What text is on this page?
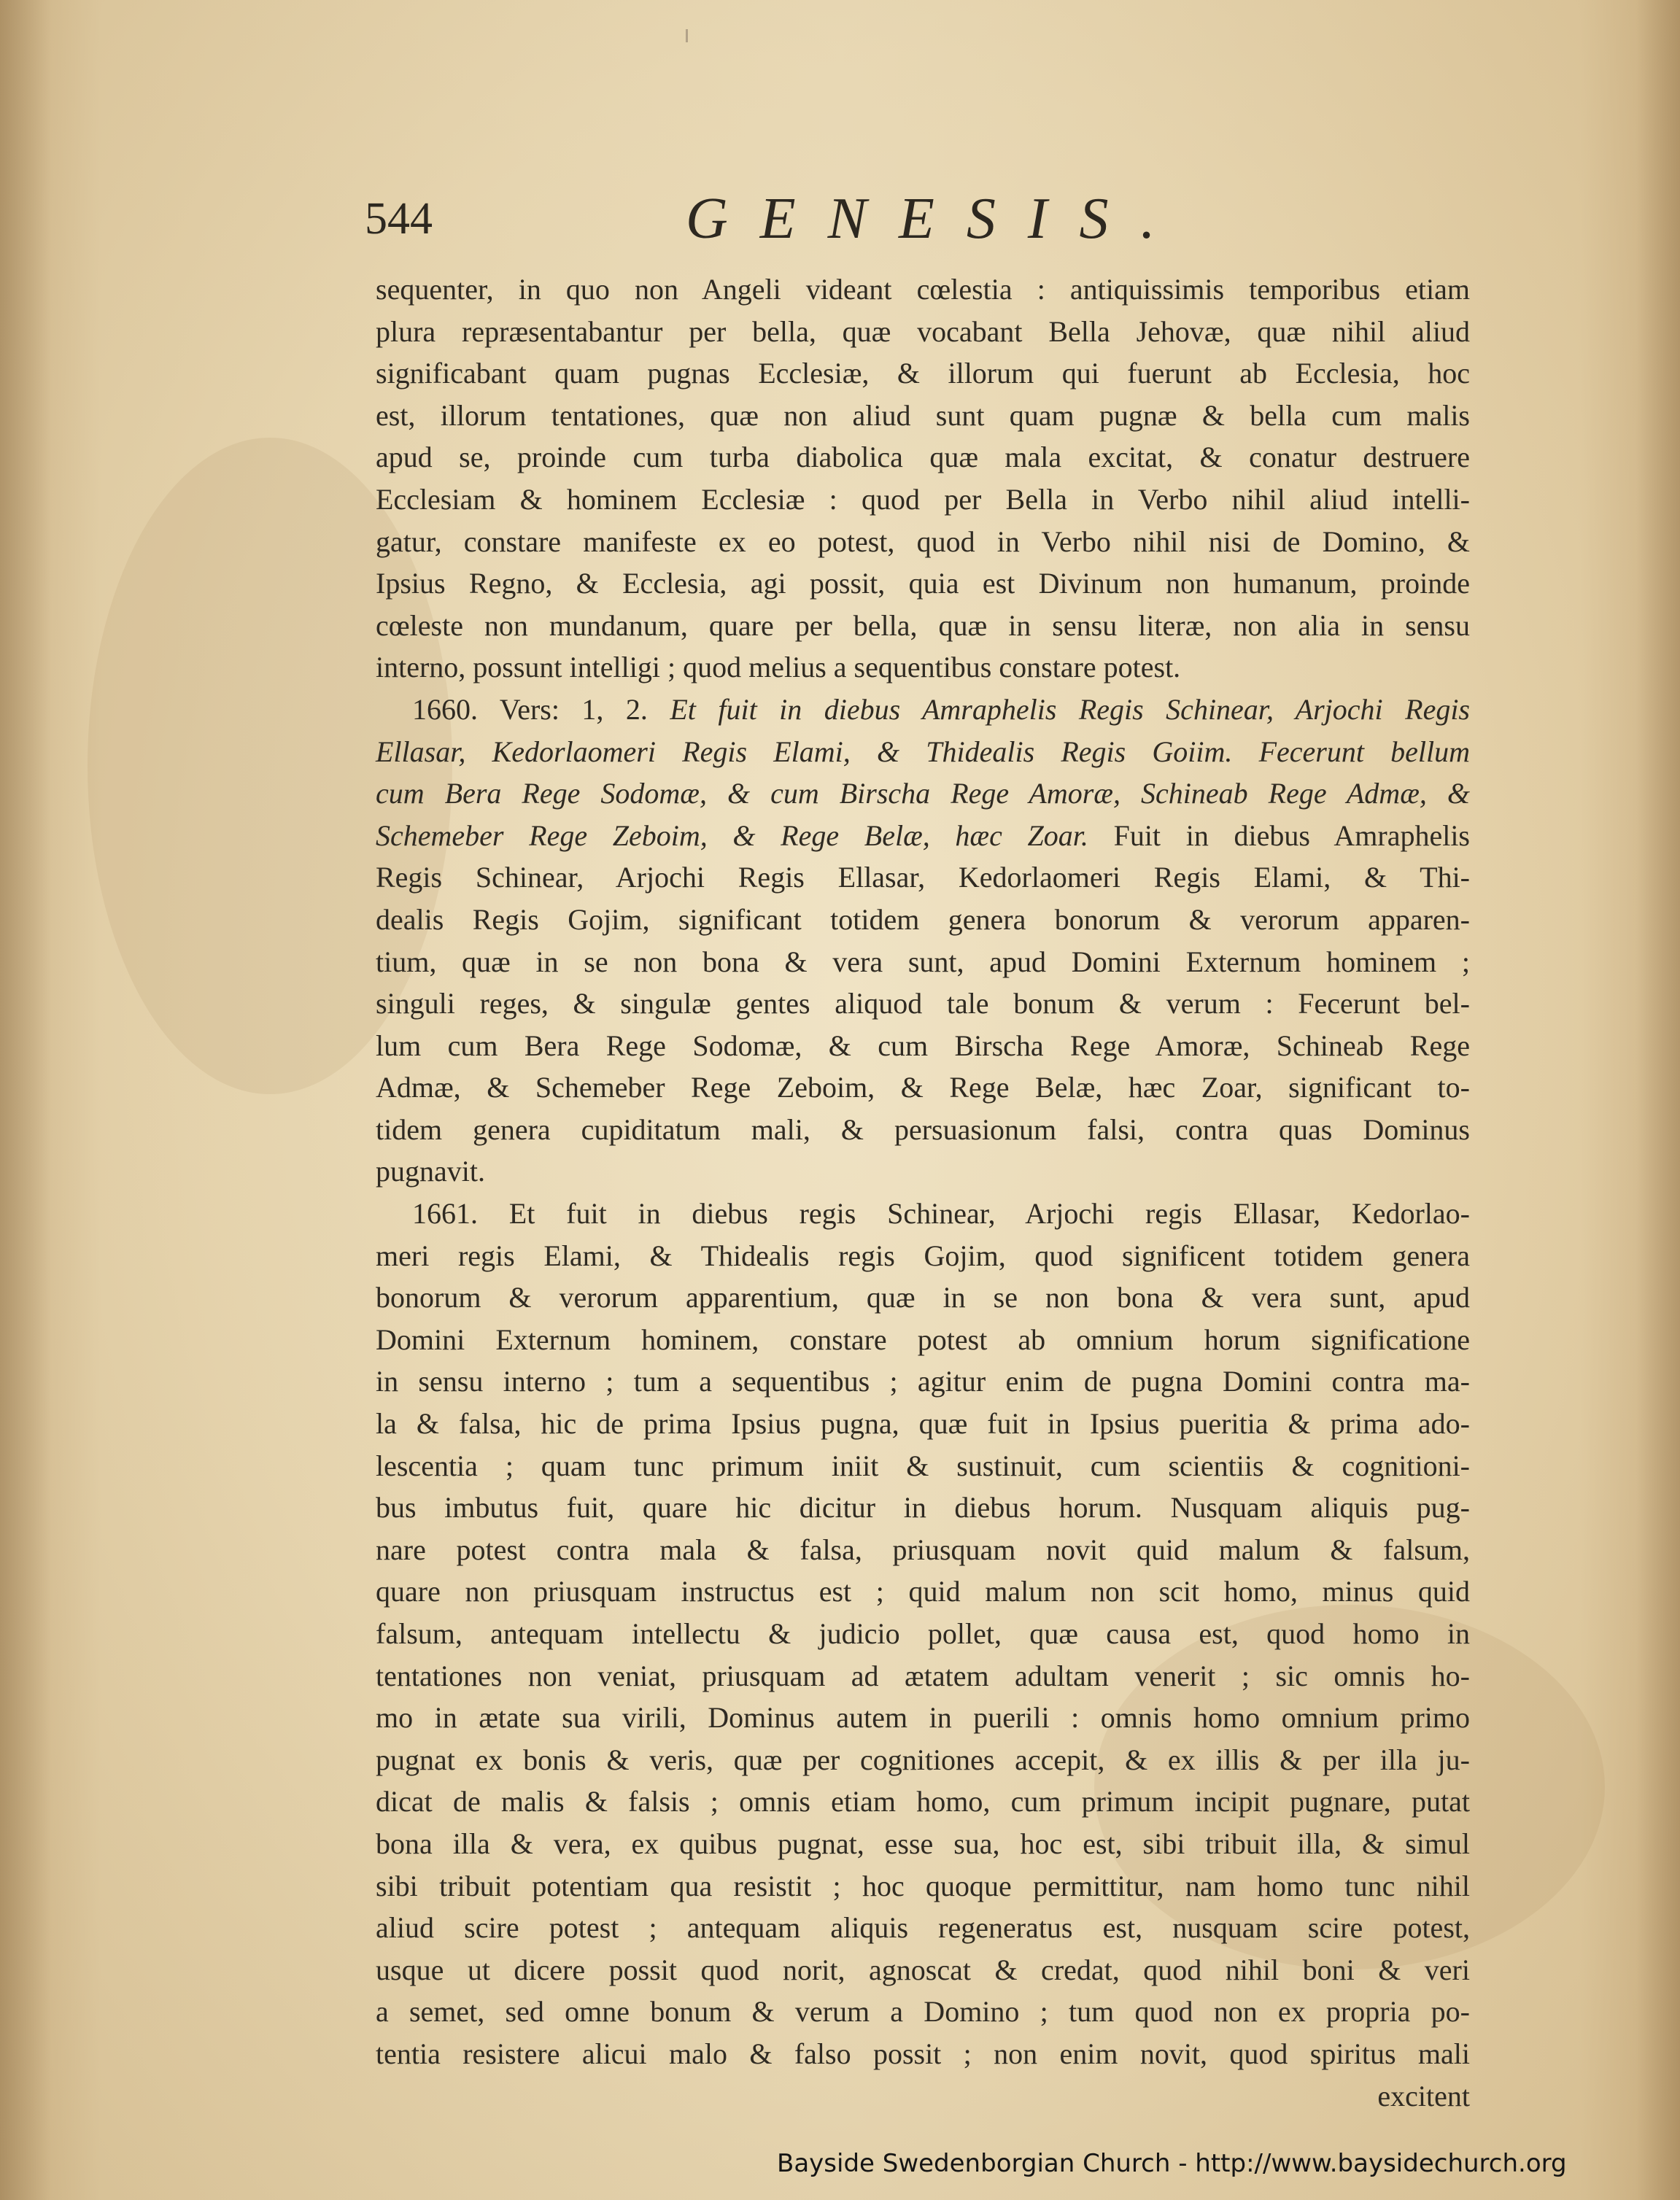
544	GENESIS.
sequenter, in quo non Angeli videant cœlestia : antiquissimis temporibus etiam
plura repræsentabantur per bella, quæ vocabant Bella Jehovæ, quæ nihil aliud
significabant quam pugnas Ecclesiæ, & illorum qui fuerunt ab Ecclesia, hoc
est, illorum tentationes, quæ non aliud sunt quam pugnæ & bella cum malis
apud se, proinde cum turba diabolica quæ mala excitat, & conatur destruere
Ecclesiam & hominem Ecclesiæ : quod per Bella in Verbo nihil aliud intelli-
gatur, constare manifeste ex eo potest, quod in Verbo nihil nisi de Domino, &
Ipsius Regno, & Ecclesia, agi possit, quia est Divinum non humanum, proinde
cœleste non mundanum, quare per bella, quæ in sensu literæ, non alia in sensu
interno, possunt intelligi ; quod melius a sequentibus constare potest.
1660. Vers: 1, 2. Et fuit in diebus Amraphelis Regis Schinear, Arjochi Regis
Ellasar, Kedorlaomeri Regis Elami, & Thidealis Regis Goiim. Fecerunt bellum
cum Bera Rege Sodomæ, & cum Birscha Rege Amoræ, Schineab Rege Admæ, &
Schemeber Rege Zeboim, & Rege Belæ, hæc Zoar. Fuit in diebus Amraphelis
Regis Schinear, Arjochi Regis Ellasar, Kedorlaomeri Regis Elami, & Thi-
dealis Regis Gojim, significant totidem genera bonorum & verorum apparen-
tium, quæ in se non bona & vera sunt, apud Domini Externum hominem ;
singuli reges, & singulæ gentes aliquod tale bonum & verum : Fecerunt bel-
lum cum Bera Rege Sodomæ, & cum Birscha Rege Amoræ, Schineab Rege
Admæ, & Schemeber Rege Zeboim, & Rege Belæ, hæc Zoar, significant to-
tidem genera cupiditatum mali, & persuasionum falsi, contra quas Dominus
pugnavit.
1661. Et fuit in diebus regis Schinear, Arjochi regis Ellasar, Kedorlao-
meri regis Elami, & Thidealis regis Gojim, quod significent totidem genera
bonorum & verorum apparentium, quæ in se non bona & vera sunt, apud
Domini Externum hominem, constare potest ab omnium horum significatione
in sensu interno ; tum a sequentibus ; agitur enim de pugna Domini contra ma-
la & falsa, hic de prima Ipsius pugna, quæ fuit in Ipsius pueritia & prima ado-
lescentia ; quam tunc primum iniit & sustinuit, cum scientiis & cognitioni-
bus imbutus fuit, quare hic dicitur in diebus horum. Nusquam aliquis pug-
nare potest contra mala & falsa, priusquam novit quid malum & falsum,
quare non priusquam instructus est ; quid malum non scit homo, minus quid
falsum, antequam intellectu & judicio pollet, quæ causa est, quod homo in
tentationes non veniat, priusquam ad ætatem adultam venerit ; sic omnis ho-
mo in ætate sua virili, Dominus autem in puerili : omnis homo omnium primo
pugnat ex bonis & veris, quæ per cognitiones accepit, & ex illis & per illa ju-
dicat de malis & falsis ; omnis etiam homo, cum primum incipit pugnare, putat
bona illa & vera, ex quibus pugnat, esse sua, hoc est, sibi tribuit illa, & simul
sibi tribuit potentiam qua resistit ; hoc quoque permittitur, nam homo tunc nihil
aliud scire potest ; antequam aliquis regeneratus est, nusquam scire potest,
usque ut dicere possit quod norit, agnoscat & credat, quod nihil boni & veri
a semet, sed omne bonum & verum a Domino ; tum quod non ex propria po-
tentia resistere alicui malo & falso possit ; non enim novit, quod spiritus mali
excitent
Bayside Swedenborgian Church - http://www.baysidechurch.org
